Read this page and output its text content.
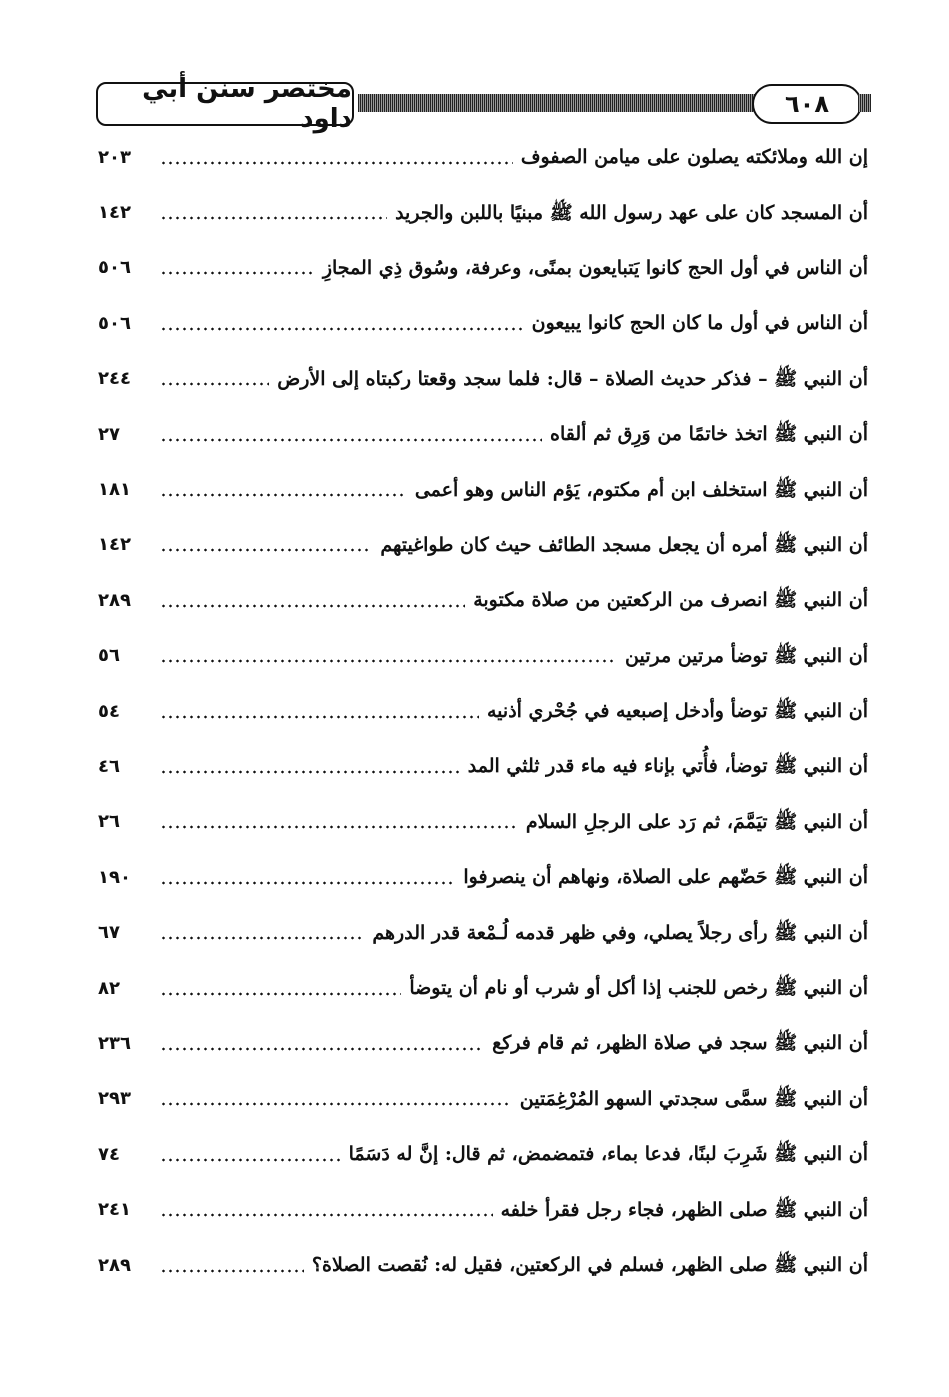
مختصر سنن أبي داود	٦٠٨
إن الله وملائكته يصلون على ميامن الصفوف
٢٠٣
أن المسجد كان على عهد رسول الله ﷺ مبنيًا باللبن والجريد
١٤٢
أن الناس في أول الحج كانوا يَتبايعون بمنًى، وعرفة، وسُوق ذِي المجازِ
٥٠٦
أن الناس في أول ما كان الحج كانوا يبيعون
٥٠٦
أن النبي ﷺ – فذكر حديث الصلاة – قال: فلما سجد وقعتا ركبتاه إلى الأرض
٢٤٤
أن النبي ﷺ اتخذ خاتمًا من وَرِق ثم ألقاه
٢٧
أن النبي ﷺ استخلف ابن أم مكتوم، يَؤم الناس وهو أعمى
١٨١
أن النبي ﷺ أمره أن يجعل مسجد الطائف حيث كان طواغيتهم
١٤٢
أن النبي ﷺ انصرف من الركعتين من صلاة مكتوبة
٢٨٩
أن النبي ﷺ توضأ مرتين مرتين
٥٦
أن النبي ﷺ توضأ وأدخل إصبعيه في جُحْري أذنيه
٥٤
أن النبي ﷺ توضأ، فأُتي بإناء فيه ماء قدر ثلثي المد
٤٦
أن النبي ﷺ تيَمَّمَ، ثم رَد على الرجلِ السلام
٢٦
أن النبي ﷺ حَضّهم على الصلاة، ونهاهم أن ينصرفوا
١٩٠
أن النبي ﷺ رأى رجلاً يصلي، وفي ظهر قدمه لُـمْعة قدر الدرهم
٦٧
أن النبي ﷺ رخص للجنب إذا أكل أو شرب أو نام أن يتوضأ
٨٢
أن النبي ﷺ سجد في صلاة الظهر، ثم قام فركع
٢٣٦
أن النبي ﷺ سمَّى سجدتي السهو المُرْغِمَتين
٢٩٣
أن النبي ﷺ شَرِبَ لبنًا، فدعا بماء، فتمضمض، ثم قال: إنَّ له دَسَمًا
٧٤
أن النبي ﷺ صلى الظهر، فجاء رجل فقرأ خلفه
٢٤١
أن النبي ﷺ صلى الظهر، فسلم في الركعتين، فقيل له: نُقصت الصلاة؟
٢٨٩
